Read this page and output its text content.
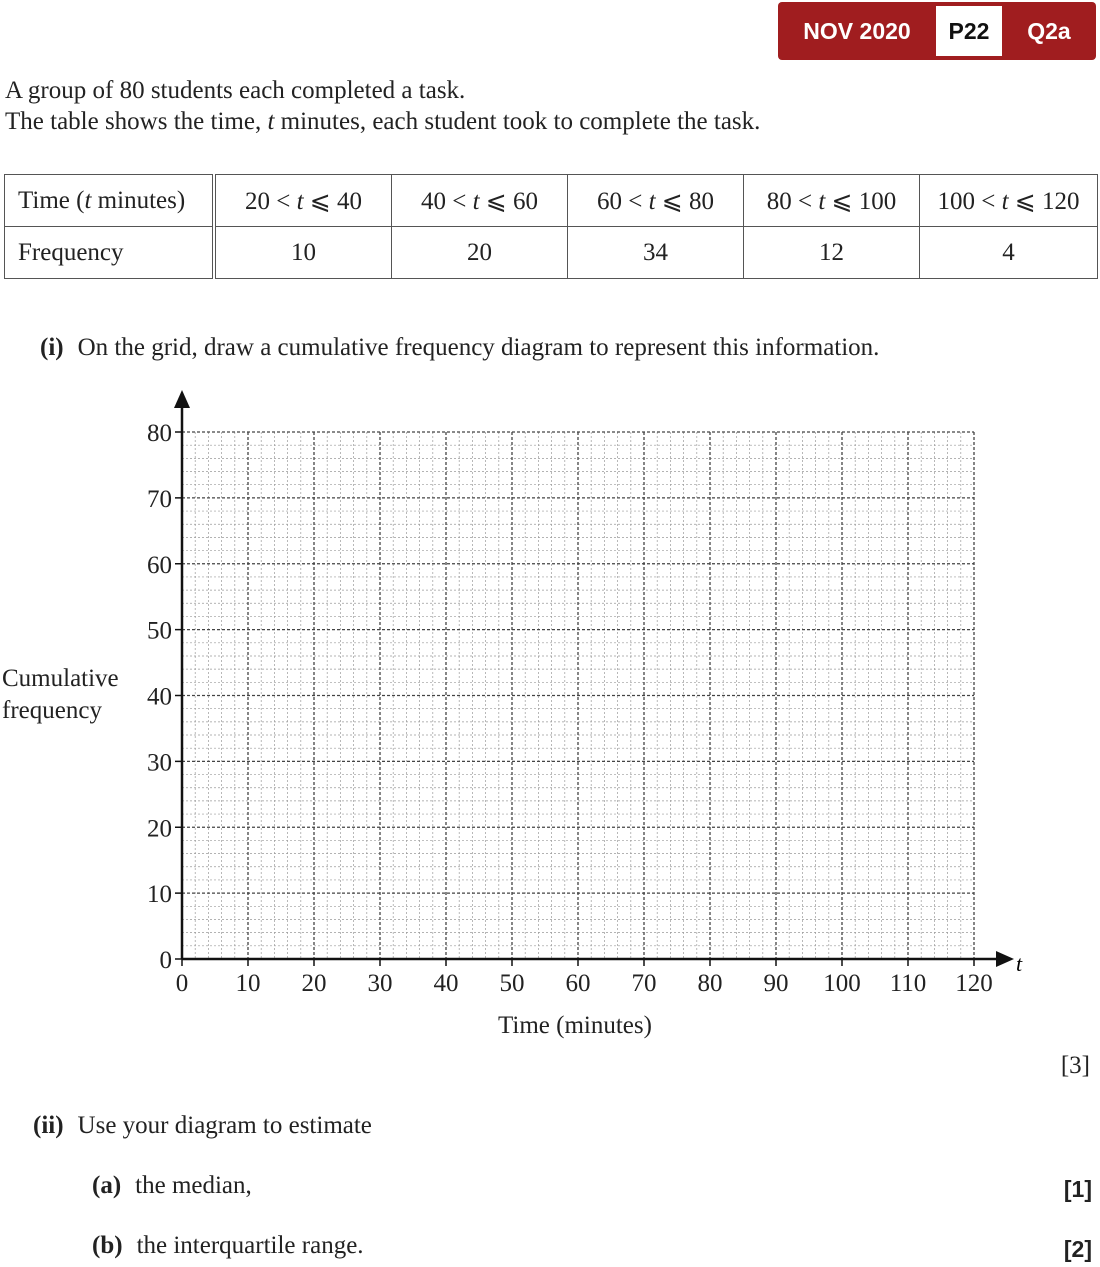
NOV 2020	P22	Q2a
A group of 80 students each completed a task.
The table shows the time, t minutes, each student took to complete the task.
Time (t minutes)	20 < t ⩽ 40	40 < t ⩽ 60	60 < t ⩽ 80	80 < t ⩽ 100	100 < t ⩽ 120
Frequency	10	20	34	12	4
(i) On the grid, draw a cumulative frequency diagram to represent this information.
0 10 20 30 40 50 60 70 80 90 100 110 120
0
10
20
30
40
50
60
70
80
t
Cumulative
frequency
Time (minutes)
[3]
(ii) Use your diagram to estimate
(a) the median,	[1]
(b) the interquartile range.	[2]
